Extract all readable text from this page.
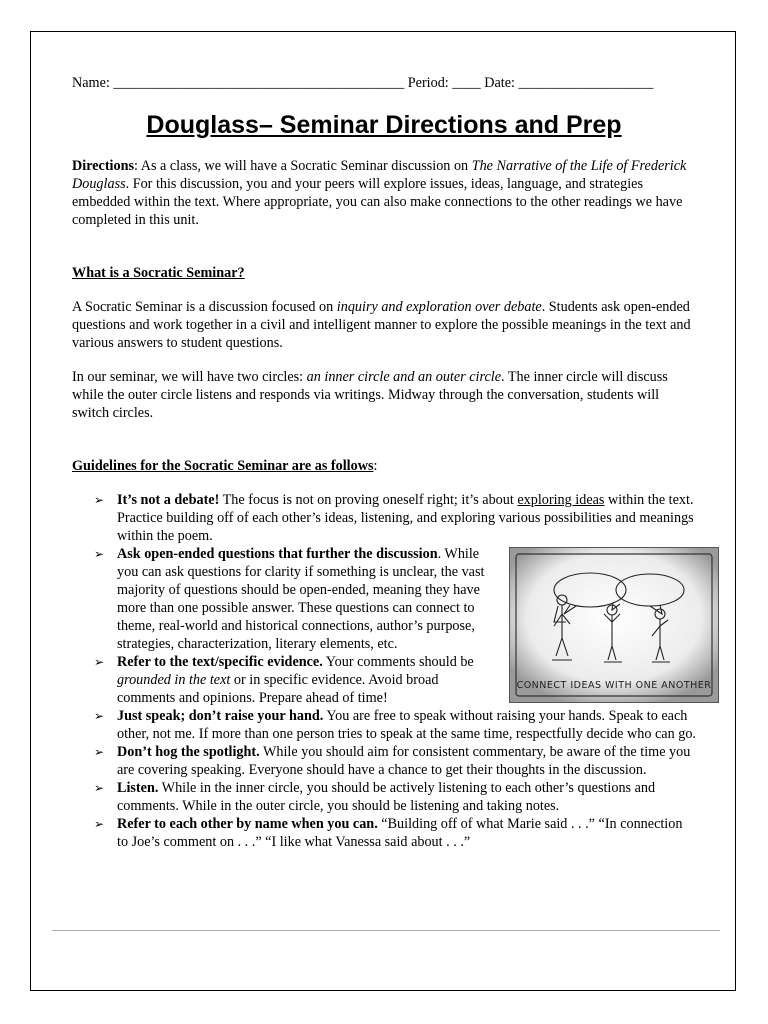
Name: _________________________________________ Period: ____ Date: ___________________

Douglass– Seminar Directions and Prep

Directions: As a class, we will have a Socratic Seminar discussion on The Narrative of the Life of Frederick Douglass. For this discussion, you and your peers will explore issues, ideas, language, and strategies embedded within the text. Where appropriate, you can also make connections to the other readings we have completed in this unit.

What is a Socratic Seminar?

A Socratic Seminar is a discussion focused on inquiry and exploration over debate. Students ask open-ended questions and work together in a civil and intelligent manner to explore the possible meanings in the text and various answers to student questions.

In our seminar, we will have two circles: an inner circle and an outer circle. The inner circle will discuss while the outer circle listens and responds via writings. Midway through the conversation, students will switch circles.

Guidelines for the Socratic Seminar are as follows:

➢ It’s not a debate! The focus is not on proving oneself right; it’s about exploring ideas within the text. Practice building off of each other’s ideas, listening, and exploring various possibilities and meanings within the poem.
➢
CONNECT IDEAS WITH ONE ANOTHER
Ask open-ended questions that further the discussion. While you can ask questions for clarity if something is unclear, the vast majority of questions should be open-ended, meaning they have more than one possible answer. These questions can connect to theme, real-world and historical connections, author’s purpose, strategies, characterization, literary elements, etc.
➢ Refer to the text/specific evidence. Your comments should be grounded in the text or in specific evidence. Avoid broad comments and opinions. Prepare ahead of time!
➢ Just speak; don’t raise your hand. You are free to speak without raising your hands. Speak to each other, not me. If more than one person tries to speak at the same time, respectfully decide who can go.
➢ Don’t hog the spotlight. While you should aim for consistent commentary, be aware of the time you are covering speaking. Everyone should have a chance to get their thoughts in the discussion.
➢ Listen. While in the inner circle, you should be actively listening to each other’s questions and comments. While in the outer circle, you should be listening and taking notes.
➢ Refer to each other by name when you can. “Building off of what Marie said . . .” “In connection to Joe’s comment on . . .” “I like what Vanessa said about . . .”
